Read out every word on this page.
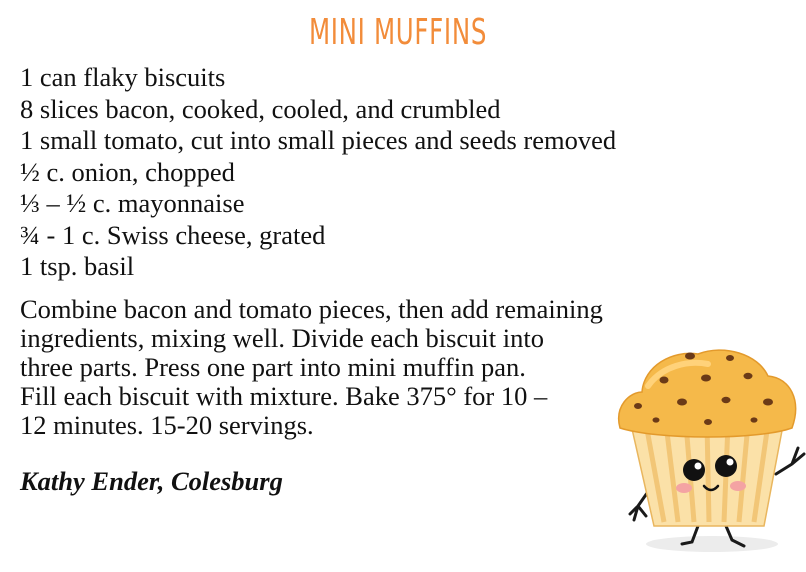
MINI MUFFINS
1 can flaky biscuits
8 slices bacon, cooked, cooled, and crumbled
1 small tomato, cut into small pieces and seeds removed
½ c. onion, chopped
⅓ – ½ c. mayonnaise
¾ - 1 c. Swiss cheese, grated
1 tsp. basil
Combine bacon and tomato pieces, then add remaining
ingredients, mixing well. Divide each biscuit into
three parts. Press one part into mini muffin pan.
Fill each biscuit with mixture. Bake 375° for 10 –
12 minutes. 15-20 servings.
Kathy Ender, Colesburg
